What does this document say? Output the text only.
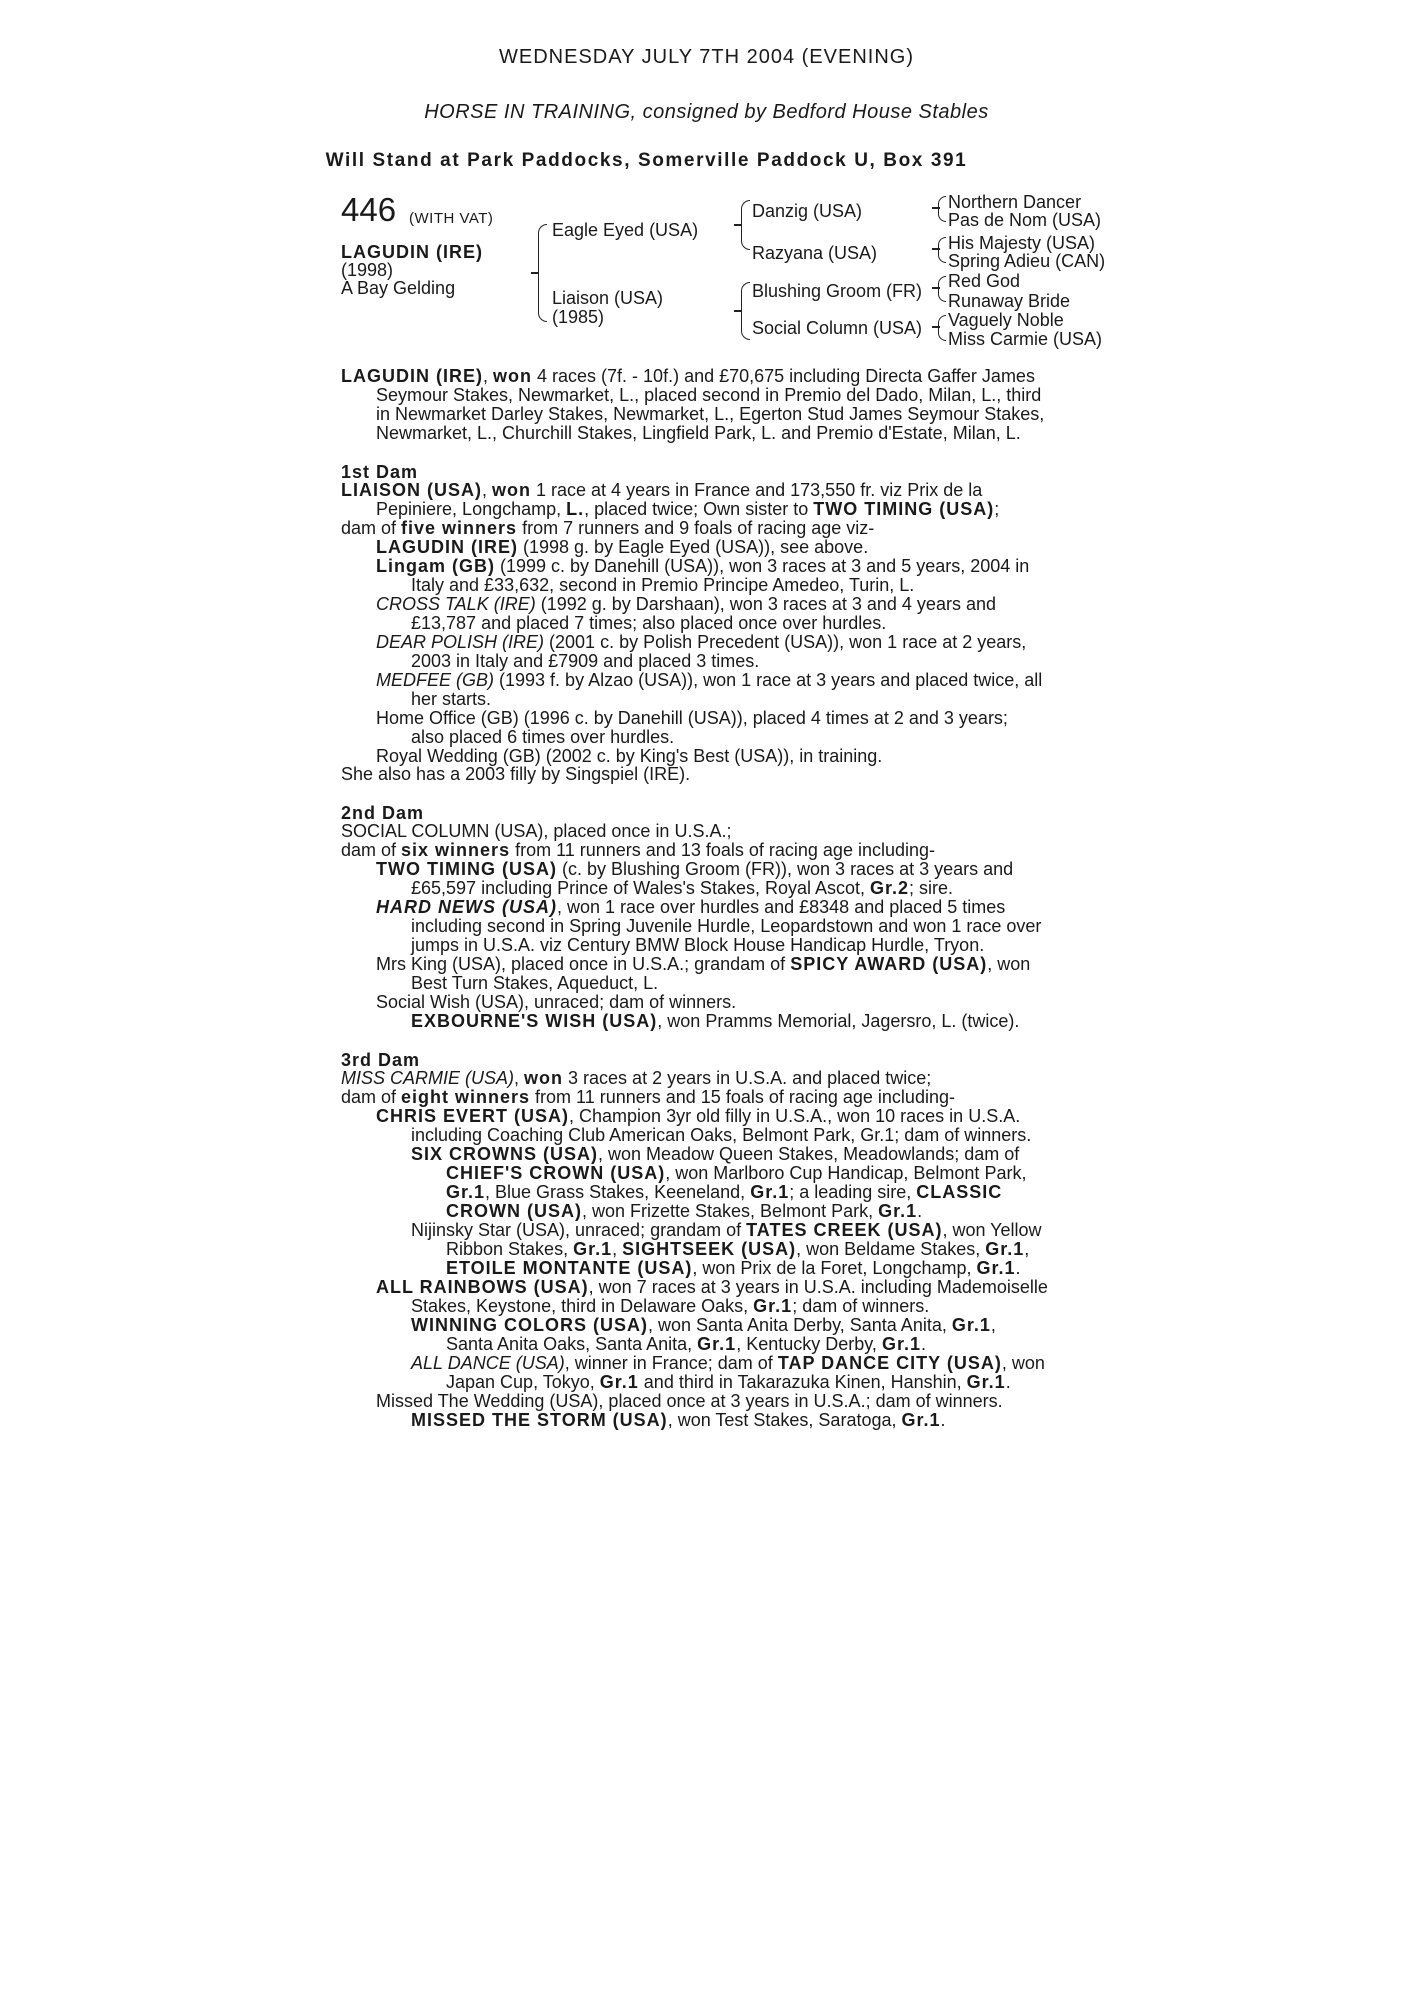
WEDNESDAY JULY 7TH 2004 (EVENING)
HORSE IN TRAINING, consigned by Bedford House Stables
Will Stand at Park Paddocks, Somerville Paddock U, Box 391
446 (WITH VAT)
LAGUDIN (IRE)
(1998)
A Bay Gelding
Eagle Eyed (USA)
Liaison (USA)
(1985)
Danzig (USA)
Razyana (USA)
Blushing Groom (FR)
Social Column (USA)
Northern Dancer
Pas de Nom (USA)
His Majesty (USA)
Spring Adieu (CAN)
Red God
Runaway Bride
Vaguely Noble
Miss Carmie (USA)

LAGUDIN (IRE), won 4 races (7f. - 10f.) and £70,675 including Directa Gaffer James

Seymour Stakes, Newmarket, L., placed second in Premio del Dado, Milan, L., third

in Newmarket Darley Stakes, Newmarket, L., Egerton Stud James Seymour Stakes,

Newmarket, L., Churchill Stakes, Lingfield Park, L. and Premio d'Estate, Milan, L.

1st Dam

LIAISON (USA), won 1 race at 4 years in France and 173,550 fr. viz Prix de la

Pepiniere, Longchamp, L., placed twice; Own sister to TWO TIMING (USA);

dam of five winners from 7 runners and 9 foals of racing age viz-

LAGUDIN (IRE) (1998 g. by Eagle Eyed (USA)), see above.

Lingam (GB) (1999 c. by Danehill (USA)), won 3 races at 3 and 5 years, 2004 in

Italy and £33,632, second in Premio Principe Amedeo, Turin, L.

CROSS TALK (IRE) (1992 g. by Darshaan), won 3 races at 3 and 4 years and

£13,787 and placed 7 times; also placed once over hurdles.

DEAR POLISH (IRE) (2001 c. by Polish Precedent (USA)), won 1 race at 2 years,

2003 in Italy and £7909 and placed 3 times.

MEDFEE (GB) (1993 f. by Alzao (USA)), won 1 race at 3 years and placed twice, all

her starts.

Home Office (GB) (1996 c. by Danehill (USA)), placed 4 times at 2 and 3 years;

also placed 6 times over hurdles.

Royal Wedding (GB) (2002 c. by King's Best (USA)), in training.

She also has a 2003 filly by Singspiel (IRE).

2nd Dam

SOCIAL COLUMN (USA), placed once in U.S.A.;

dam of six winners from 11 runners and 13 foals of racing age including-

TWO TIMING (USA) (c. by Blushing Groom (FR)), won 3 races at 3 years and

£65,597 including Prince of Wales's Stakes, Royal Ascot, Gr.2; sire.

HARD NEWS (USA), won 1 race over hurdles and £8348 and placed 5 times

including second in Spring Juvenile Hurdle, Leopardstown and won 1 race over

jumps in U.S.A. viz Century BMW Block House Handicap Hurdle, Tryon.

Mrs King (USA), placed once in U.S.A.; grandam of SPICY AWARD (USA), won

Best Turn Stakes, Aqueduct, L.

Social Wish (USA), unraced; dam of winners.

EXBOURNE'S WISH (USA), won Pramms Memorial, Jagersro, L. (twice).

3rd Dam

MISS CARMIE (USA), won 3 races at 2 years in U.S.A. and placed twice;

dam of eight winners from 11 runners and 15 foals of racing age including-

CHRIS EVERT (USA), Champion 3yr old filly in U.S.A., won 10 races in U.S.A.

including Coaching Club American Oaks, Belmont Park, Gr.1; dam of winners.

SIX CROWNS (USA), won Meadow Queen Stakes, Meadowlands; dam of

CHIEF'S CROWN (USA), won Marlboro Cup Handicap, Belmont Park,

Gr.1, Blue Grass Stakes, Keeneland, Gr.1; a leading sire, CLASSIC

CROWN (USA), won Frizette Stakes, Belmont Park, Gr.1.

Nijinsky Star (USA), unraced; grandam of TATES CREEK (USA), won Yellow

Ribbon Stakes, Gr.1, SIGHTSEEK (USA), won Beldame Stakes, Gr.1,

ETOILE MONTANTE (USA), won Prix de la Foret, Longchamp, Gr.1.

ALL RAINBOWS (USA), won 7 races at 3 years in U.S.A. including Mademoiselle

Stakes, Keystone, third in Delaware Oaks, Gr.1; dam of winners.

WINNING COLORS (USA), won Santa Anita Derby, Santa Anita, Gr.1,

Santa Anita Oaks, Santa Anita, Gr.1, Kentucky Derby, Gr.1.

ALL DANCE (USA), winner in France; dam of TAP DANCE CITY (USA), won

Japan Cup, Tokyo, Gr.1 and third in Takarazuka Kinen, Hanshin, Gr.1.

Missed The Wedding (USA), placed once at 3 years in U.S.A.; dam of winners.

MISSED THE STORM (USA), won Test Stakes, Saratoga, Gr.1.
